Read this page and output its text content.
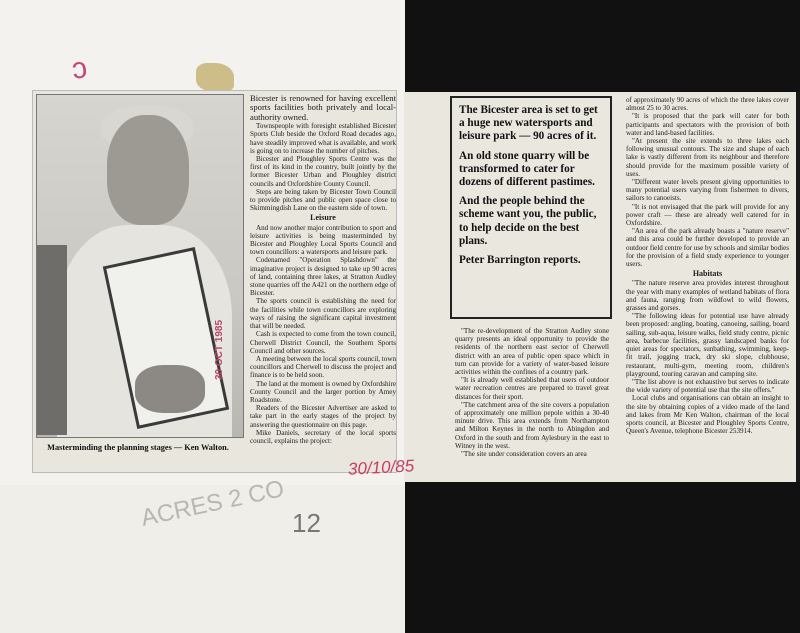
ↄ
Masterminding the planning stages — Ken Walton.

Bicester is renowned for having excellent sports facilities both privately and local-authority owned.

Townspeople with foresight established Bicester Sports Club beside the Oxford Road decades ago, have steadily improved what is available, and work is going on to increase the number of pitches.

Bicester and Ploughley Sports Centre was the first of its kind in the country, built jointly by the former Bicester Urban and Ploughley district councils and Oxfordshire County Council.

Steps are being taken by Bicester Town Council to provide pitches and public open space close to Skimmingdish Lane on the eastern side of town.

Leisure

And now another major contribution to sport and leisure activities is being masterminded by Bicester and Ploughley Local Sports Council and town councillors: a watersports and leisure park.

Codenamed "Operation Splashdown" the imaginative project is designed to take up 90 acres of land, containing three lakes, at Stratton Audley stone quarries off the A421 on the northern edge of Bicester.

The sports council is establishing the need for the facilities while town councillors are exploring ways of raising the significant capital investment that will be needed.

Cash is expected to come from the town council, Cherwell District Council, the Southern Sports Council and other sources.

A meeting between the local sports council, town councillors and Cherwell to discuss the project and finance is to be held soon.

The land at the moment is owned by Oxfordshire County Council and the larger portion by Amey Roadstone.

Readers of the Bicester Advertiser are asked to take part in the early stages of the project by answering the questionnaire on this page.

Mike Daniels, secretary of the local sports council, explains the project:

The Bicester area is set to get a huge new watersports and leisure park — 90 acres of it.

An old stone quarry will be transformed to cater for dozens of different pastimes.

And the people behind the scheme want you, the public, to help decide on the best plans.

Peter Barrington reports.

"The re-development of the Stratton Audley stone quarry presents an ideal opportunity to provide the residents of the northern east sector of Cherwell district with an area of public open space which in turn can provide for a variety of water-based leisure activities within the confines of a country park.

"It is already well established that users of outdoor water recreation centres are prepared to travel great distances for their sport.

"The catchment area of the site covers a population of approximately one million pepole within a 30-40 minute drive. This area extends from Northampton and Milton Keynes in the north to Abingdon and Oxford in the south and from Aylesbury in the east to Witney in the west.

"The site under consideration covers an area

of approximately 90 acres of which the three lakes cover almost 25 to 30 acres.

"It is proposed that the park will cater for both participants and spectators with the provision of both water and land-based facilities.

"At present the site extends to three lakes each following unusual contours. The size and shape of each lake is vastly different from its neighbour and therefore should provide for the maximum possible variety of uses.

"Different water levels present giving opportunities to many potential users varying from fishermen to divers, sailors to canoeists.

"It is not envisaged that the park will provide for any power craft — these are already well catered for in Oxfordshire.

"An area of the park already boasts a "nature reserve" and this area could be further developed to provide an outdoor field centre for use by schools and similar bodies for the provision of a field study experience to younger users.

Habitats

"The nature reserve area provides interest throughout the year with many examples of wetland habitats of flora and fauna, ranging from wildfowl to wild flowers, grasses and gorses.

"The following ideas for potential use have already been proposed: angling, boating, canoeing, sailing, board sailing, sub-aqua, leisure walks, field study centre, picnic area, barbecue facilities, grassy landscaped banks for quiet areas for spectators, sunbathing, swimming, keep-fit trail, jogging track, dry ski slope, clubhouse, restaurant, multi-gym, meeting room, children's playground, touring caravan and camping site.

"The list above is not exhaustive but serves to indicate the wide variety of potential use that the site offers."

Local clubs and organisations can obtain an insight to the site by obtaining copies of a video made of the land and lakes from Mr Ken Walton, chairman of the local sports council, at Bicester and Ploughley Sports Centre, Queen's Avenue, telephone Bicester 253914.

30 OCT 1985
30/10/85
ACRES 2 CO 12
